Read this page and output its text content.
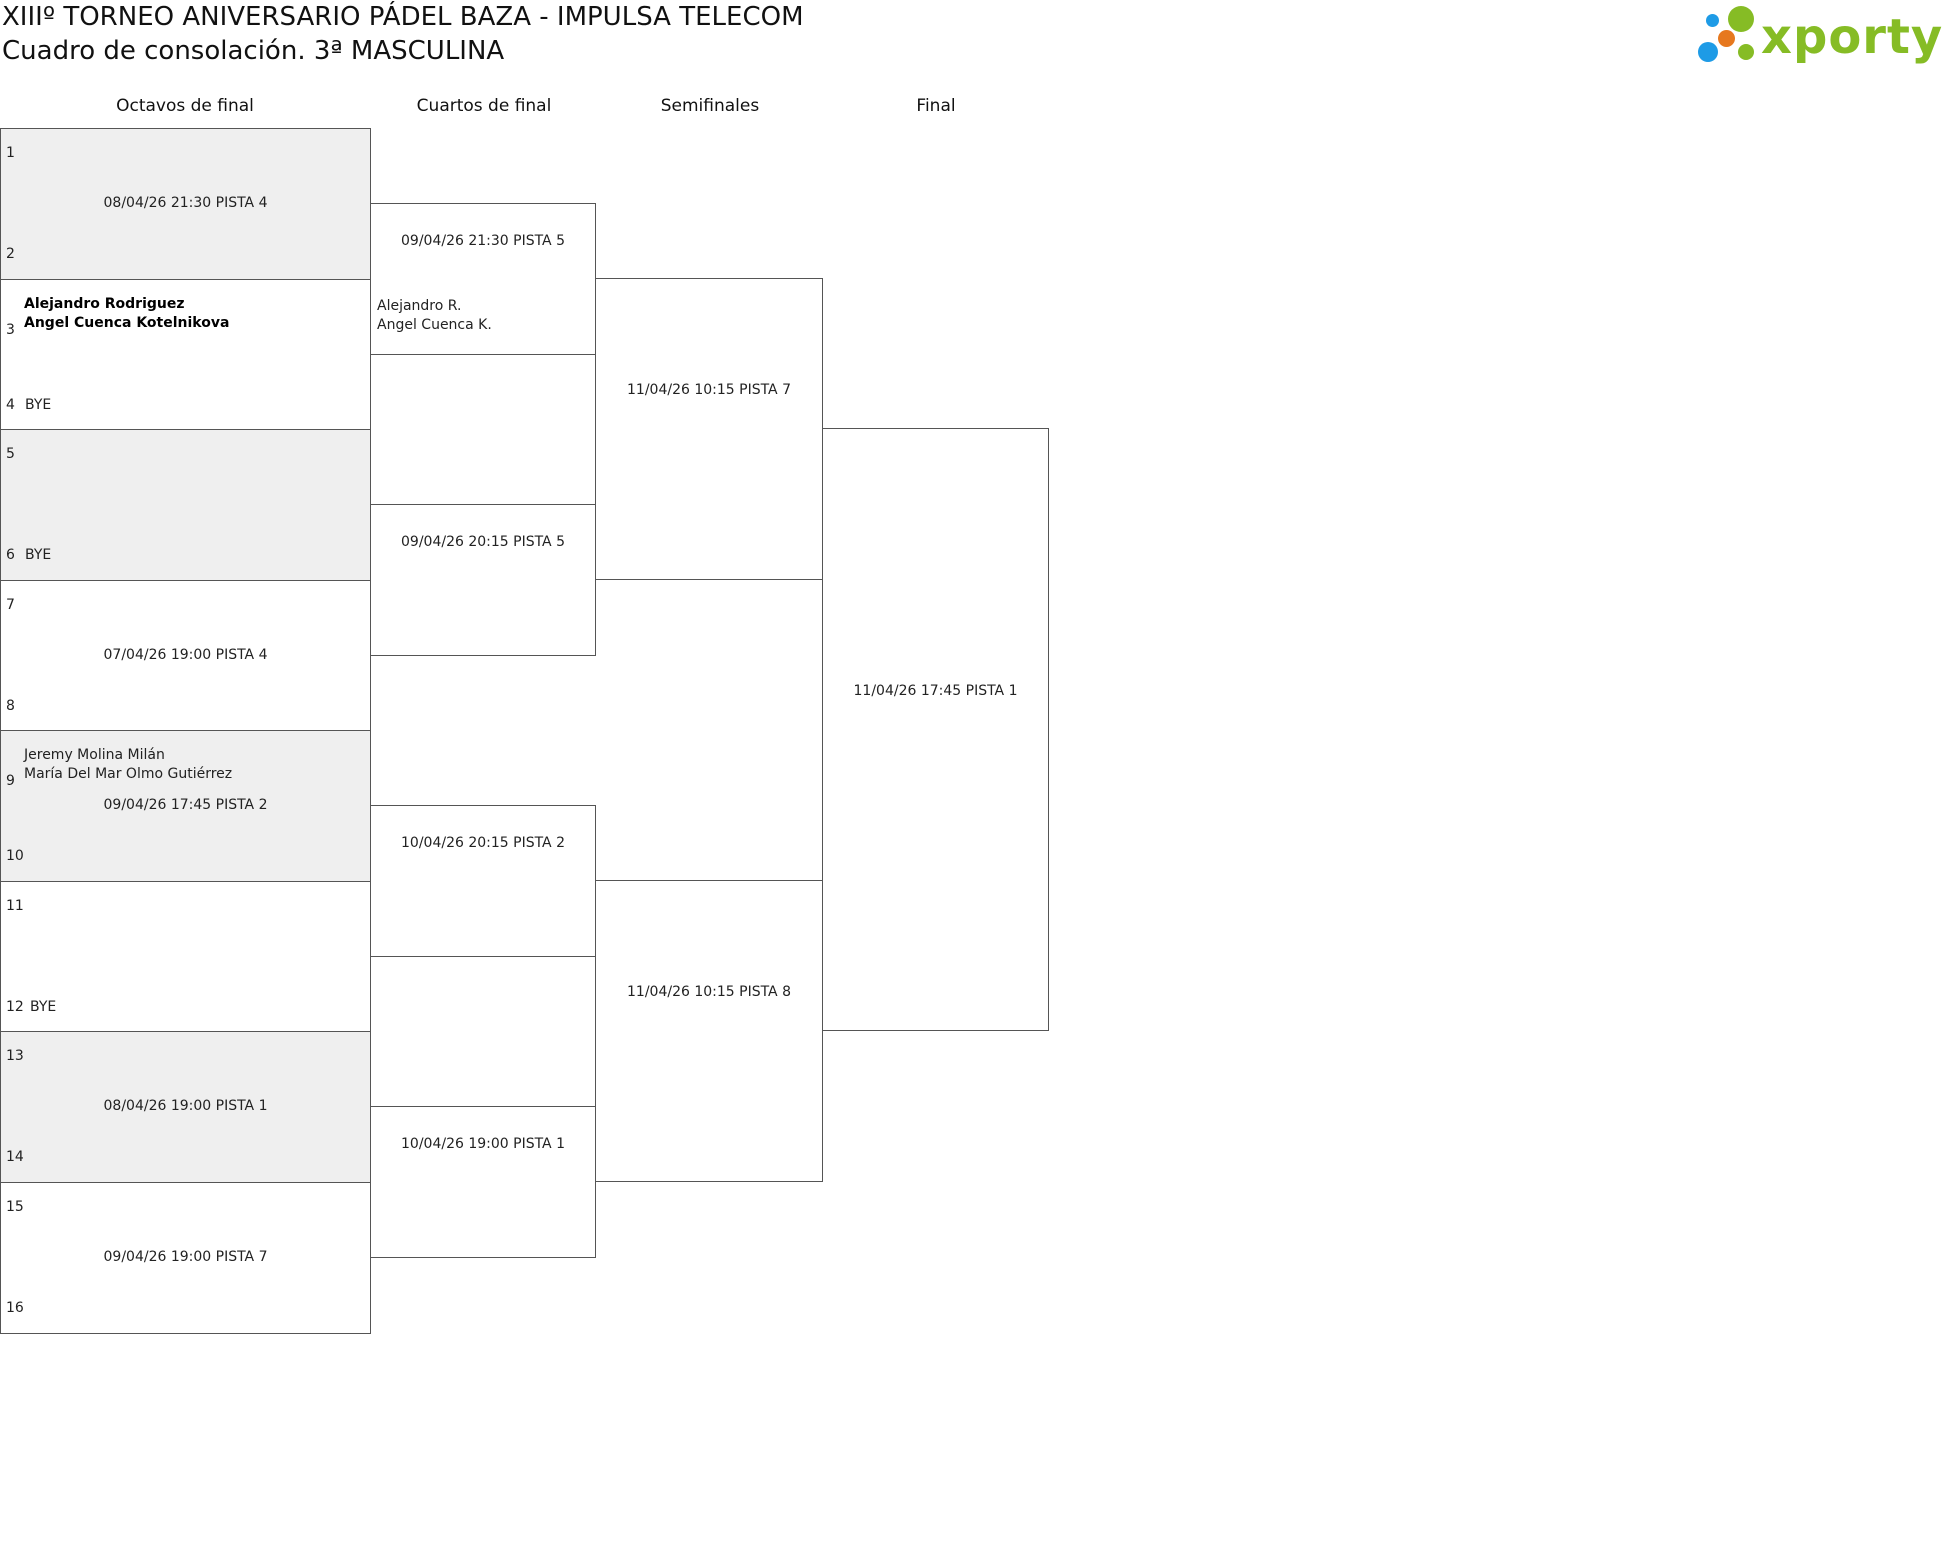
XIIIº TORNEO ANIVERSARIO PÁDEL BAZA - IMPULSA TELECOM
Cuadro de consolación. 3ª MASCULINA	xporty
Octavos de final	Cuartos de final	Semifinales	Final
1
2
08/04/26 21:30 PISTA 4
3
4
Alejandro Rodriguez
Angel Cuenca Kotelnikova
BYE
5
6 BYE
7
8
07/04/26 19:00 PISTA 4
9
10
Jeremy Molina Milán
María Del Mar Olmo Gutiérrez
09/04/26 17:45 PISTA 2
11
12 BYE
13
14
08/04/26 19:00 PISTA 1
15
16
09/04/26 19:00 PISTA 7
09/04/26 21:30 PISTA 5
Alejandro R.
Angel Cuenca K.
09/04/26 20:15 PISTA 5
10/04/26 20:15 PISTA 2
10/04/26 19:00 PISTA 1
11/04/26 10:15 PISTA 7
11/04/26 10:15 PISTA 8
11/04/26 17:45 PISTA 1
